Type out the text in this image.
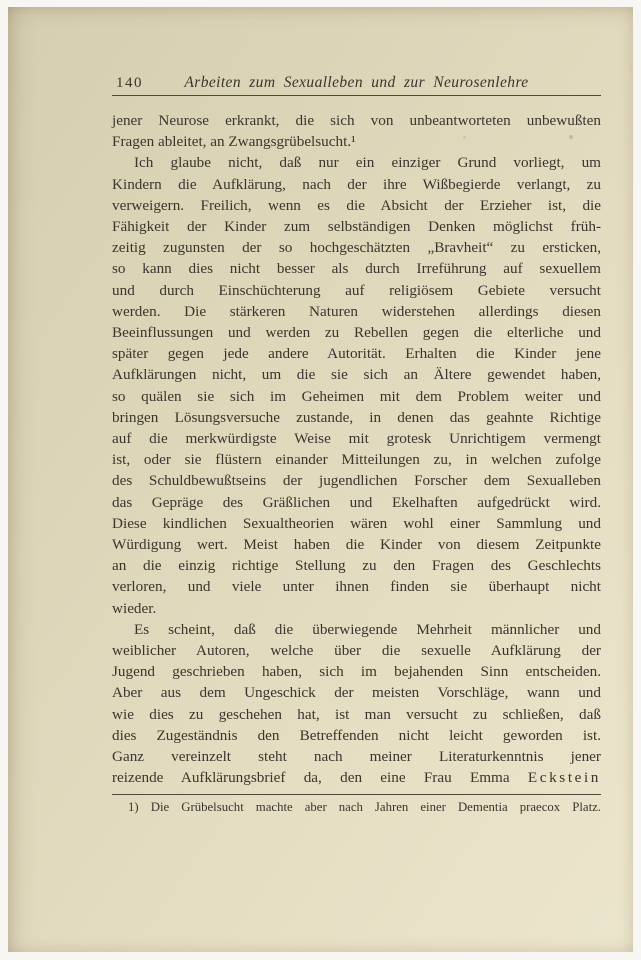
140	Arbeiten zum Sexualleben und zur Neurosenlehre
jener Neurose erkrankt, die sich von unbeantworteten unbewußten
Fragen ableitet, an Zwangsgrübelsucht.¹
Ich glaube nicht, daß nur ein einziger Grund vorliegt, um
Kindern die Aufklärung, nach der ihre Wißbegierde verlangt, zu
verweigern. Freilich, wenn es die Absicht der Erzieher ist, die
Fähigkeit der Kinder zum selbständigen Denken möglichst früh-
zeitig zugunsten der so hochgeschätzten „Bravheit“ zu ersticken,
so kann dies nicht besser als durch Irreführung auf sexuellem
und durch Einschüchterung auf religiösem Gebiete versucht
werden. Die stärkeren Naturen widerstehen allerdings diesen
Beeinflussungen und werden zu Rebellen gegen die elterliche und
später gegen jede andere Autorität. Erhalten die Kinder jene
Aufklärungen nicht, um die sie sich an Ältere gewendet haben,
so quälen sie sich im Geheimen mit dem Problem weiter und
bringen Lösungsversuche zustande, in denen das geahnte Richtige
auf die merkwürdigste Weise mit grotesk Unrichtigem vermengt
ist, oder sie flüstern einander Mitteilungen zu, in welchen zufolge
des Schuldbewußtseins der jugendlichen Forscher dem Sexualleben
das Gepräge des Gräßlichen und Ekelhaften aufgedrückt wird.
Diese kindlichen Sexualtheorien wären wohl einer Sammlung und
Würdigung wert. Meist haben die Kinder von diesem Zeitpunkte
an die einzig richtige Stellung zu den Fragen des Geschlechts
verloren, und viele unter ihnen finden sie überhaupt nicht
wieder.
Es scheint, daß die überwiegende Mehrheit männlicher und
weiblicher Autoren, welche über die sexuelle Aufklärung der
Jugend geschrieben haben, sich im bejahenden Sinn entscheiden.
Aber aus dem Ungeschick der meisten Vorschläge, wann und
wie dies zu geschehen hat, ist man versucht zu schließen, daß
dies Zugeständnis den Betreffenden nicht leicht geworden ist.
Ganz vereinzelt steht nach meiner Literaturkenntnis jener
reizende Aufklärungsbrief da, den eine Frau Emma Eckstein
1) Die Grübelsucht machte aber nach Jahren einer Dementia praecox Platz.
